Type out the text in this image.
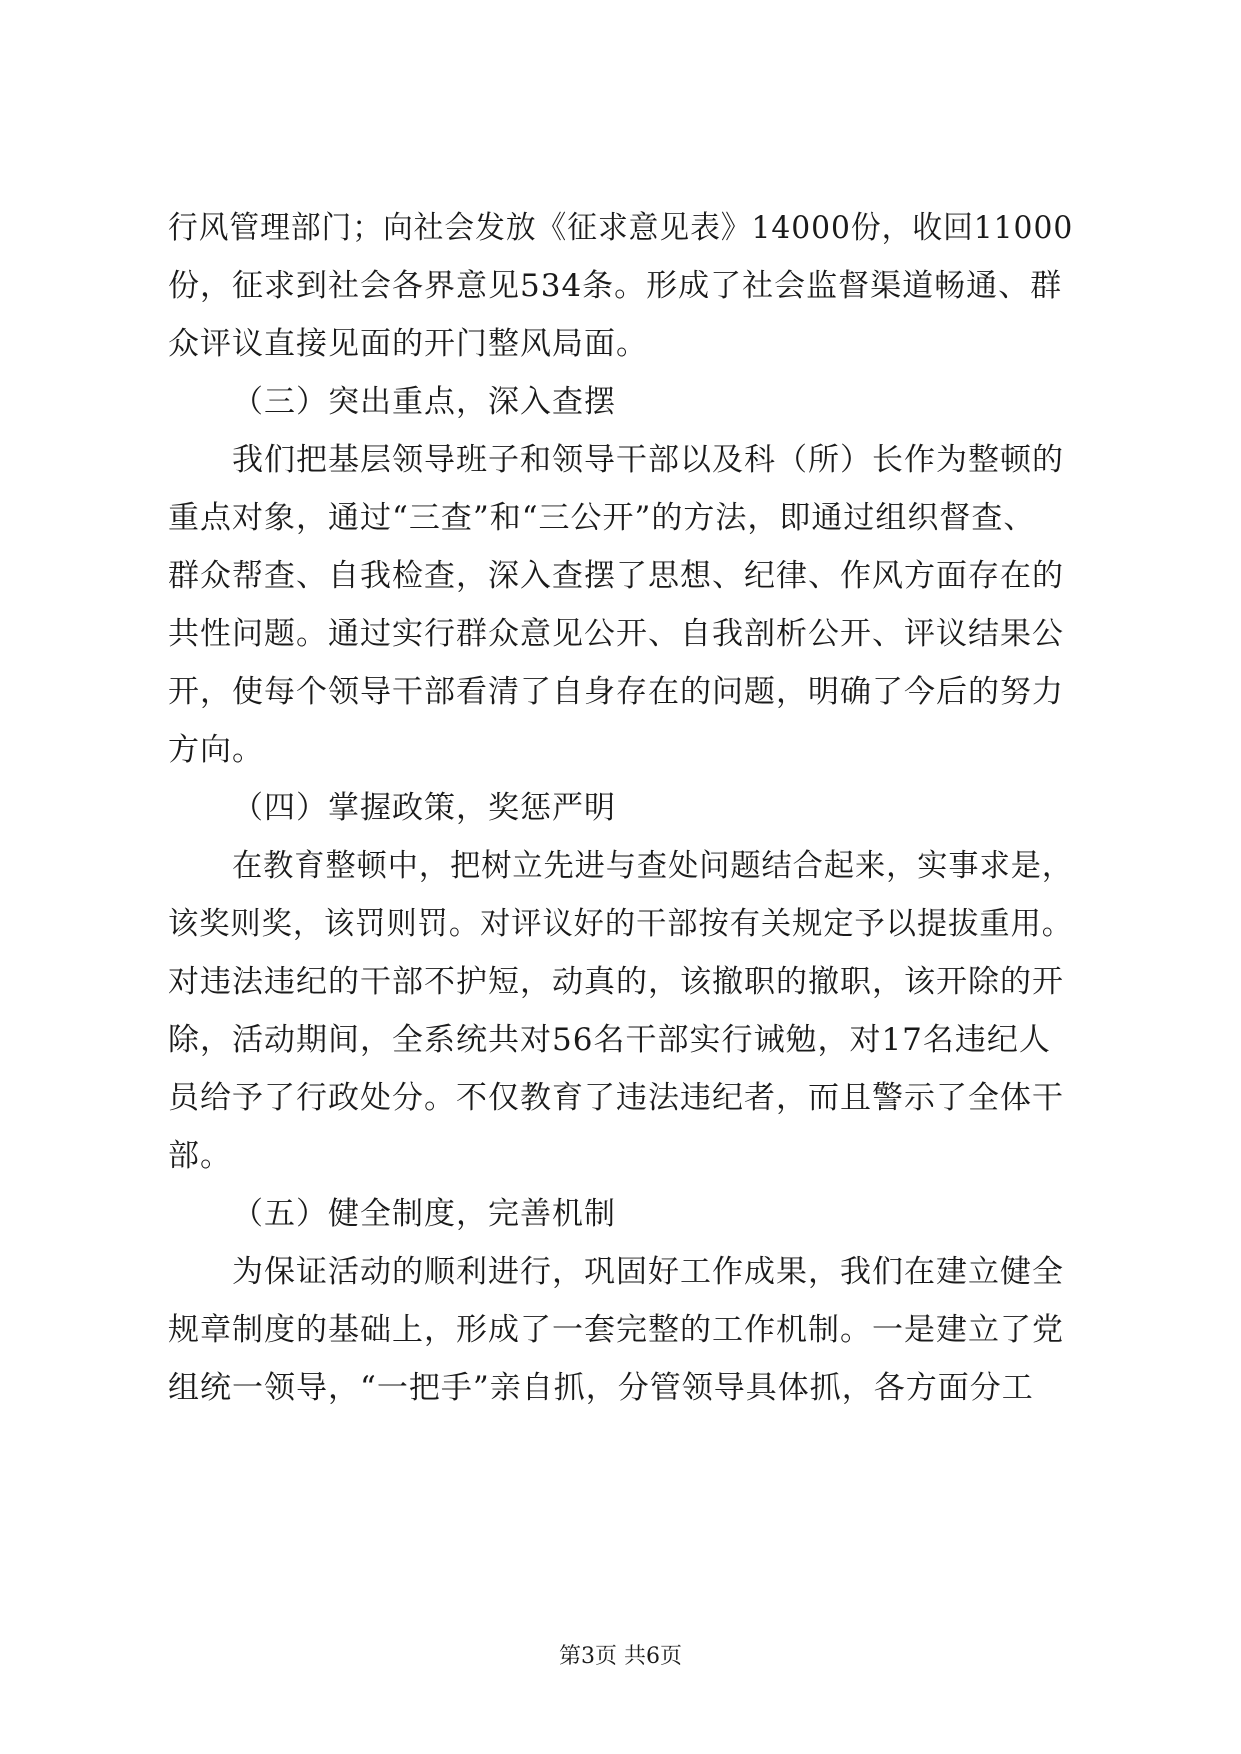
行风管理部门；向社会发放《征求意见表》14000份，收回11000
份，征求到社会各界意见534条。形成了社会监督渠道畅通、群
众评议直接见面的开门整风局面。
（三）突出重点，深入查摆
我们把基层领导班子和领导干部以及科（所）长作为整顿的
重点对象，通过“三查”和“三公开”的方法，即通过组织督查、
群众帮查、自我检查，深入查摆了思想、纪律、作风方面存在的
共性问题。通过实行群众意见公开、自我剖析公开、评议结果公
开，使每个领导干部看清了自身存在的问题，明确了今后的努力
方向。
（四）掌握政策，奖惩严明
在教育整顿中，把树立先进与查处问题结合起来，实事求是，
该奖则奖，该罚则罚。对评议好的干部按有关规定予以提拔重用。
对违法违纪的干部不护短，动真的，该撤职的撤职，该开除的开
除，活动期间，全系统共对56名干部实行诫勉，对17名违纪人
员给予了行政处分。不仅教育了违法违纪者，而且警示了全体干
部。
（五）健全制度，完善机制
为保证活动的顺利进行，巩固好工作成果，我们在建立健全
规章制度的基础上，形成了一套完整的工作机制。一是建立了党
组统一领导，“一把手”亲自抓，分管领导具体抓，各方面分工
第3页 共6页
